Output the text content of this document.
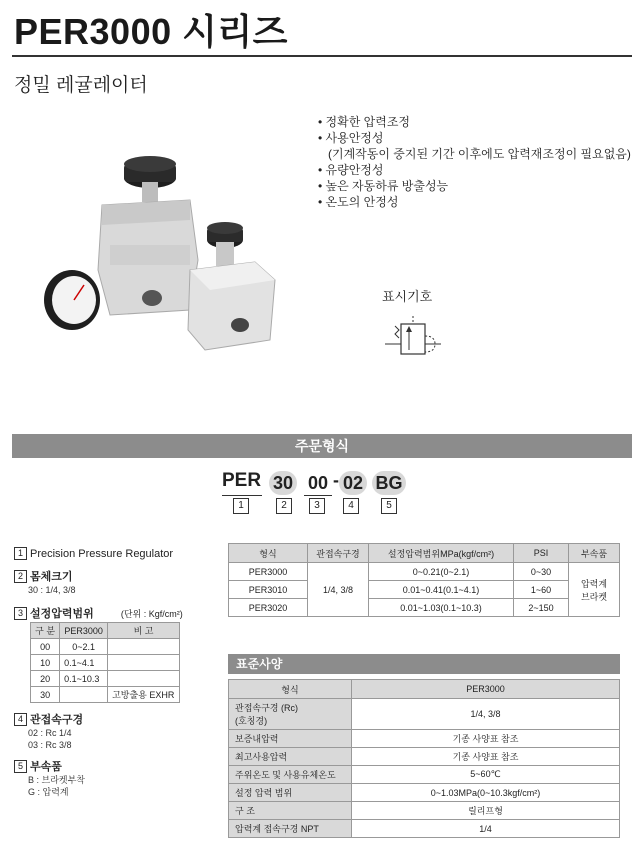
PER3000 시리즈
정밀 레귤레이터
• 정확한 압력조정
• 사용안정성
(기계작동이 중지된 기간 이후에도 압력재조정이 필요없음)
• 유량안정성
• 높은 자동하류 방출성능
• 온도의 안정성
표시기호
주문형식
PER 30 00 - 02 BG
1	2	3	4	5
1 Precision Pressure Regulator
2 몸체크기
30 : 1/4, 3/8
3 설정압력범위	(단위 : Kgf/cm²)
구 분	PER3000	비 고
00	0~2.1	
10	0.1~4.1	
20	0.1~10.3	
30		고방출용 EXHR
4 관접속구경
02 : Rc 1/4
03 : Rc 3/8
5 부속품
B : 브라켓부착
G : 압력계
형식	관접속구경	설정압력범위MPa(kgf/cm²)	PSI	부속품
PER3000	1/4, 3/8	0~0.21(0~2.1)	0~30	압력계
브라켓

PER3010		0.01~0.41(0.1~4.1)	1~60	
PER3020		0.01~1.03(0.1~10.3)	2~150	
표준사양
형식	PER3000

관접속구경 (Rc)
(호칭경)	1/4, 3/8
보증내압력	기종 사양표 참조
최고사용압력	기종 사양표 참조
주위온도 및 사용유체온도	5~60℃
설정 압력 범위	0~1.03MPa(0~10.3kgf/cm²)
구 조	릴리프형
압력계 접속구경 NPT	1/4
